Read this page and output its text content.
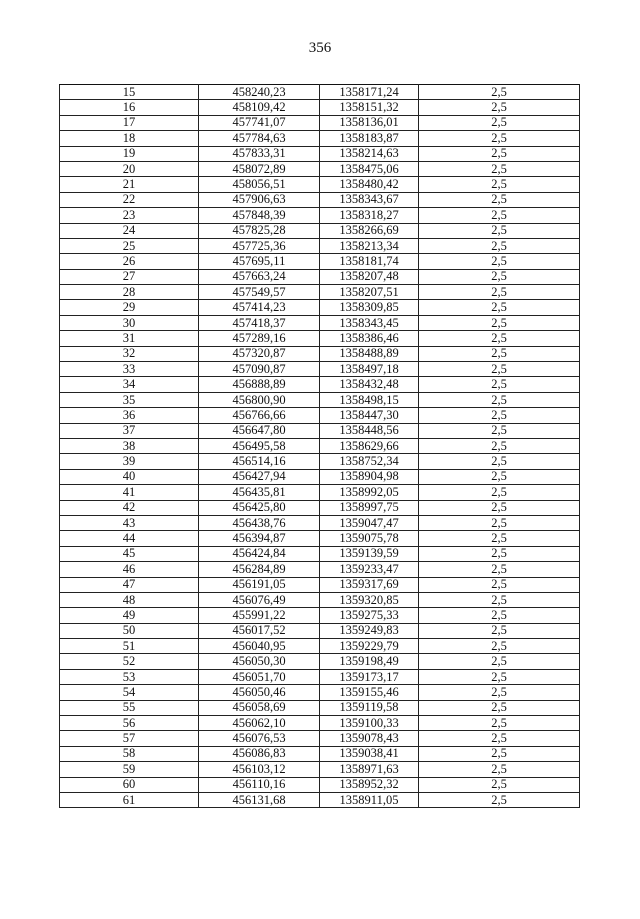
356
15	458240,23	1358171,24	2,5
16	458109,42	1358151,32	2,5
17	457741,07	1358136,01	2,5
18	457784,63	1358183,87	2,5
19	457833,31	1358214,63	2,5
20	458072,89	1358475,06	2,5
21	458056,51	1358480,42	2,5
22	457906,63	1358343,67	2,5
23	457848,39	1358318,27	2,5
24	457825,28	1358266,69	2,5
25	457725,36	1358213,34	2,5
26	457695,11	1358181,74	2,5
27	457663,24	1358207,48	2,5
28	457549,57	1358207,51	2,5
29	457414,23	1358309,85	2,5
30	457418,37	1358343,45	2,5
31	457289,16	1358386,46	2,5
32	457320,87	1358488,89	2,5
33	457090,87	1358497,18	2,5
34	456888,89	1358432,48	2,5
35	456800,90	1358498,15	2,5
36	456766,66	1358447,30	2,5
37	456647,80	1358448,56	2,5
38	456495,58	1358629,66	2,5
39	456514,16	1358752,34	2,5
40	456427,94	1358904,98	2,5
41	456435,81	1358992,05	2,5
42	456425,80	1358997,75	2,5
43	456438,76	1359047,47	2,5
44	456394,87	1359075,78	2,5
45	456424,84	1359139,59	2,5
46	456284,89	1359233,47	2,5
47	456191,05	1359317,69	2,5
48	456076,49	1359320,85	2,5
49	455991,22	1359275,33	2,5
50	456017,52	1359249,83	2,5
51	456040,95	1359229,79	2,5
52	456050,30	1359198,49	2,5
53	456051,70	1359173,17	2,5
54	456050,46	1359155,46	2,5
55	456058,69	1359119,58	2,5
56	456062,10	1359100,33	2,5
57	456076,53	1359078,43	2,5
58	456086,83	1359038,41	2,5
59	456103,12	1358971,63	2,5
60	456110,16	1358952,32	2,5
61	456131,68	1358911,05	2,5
